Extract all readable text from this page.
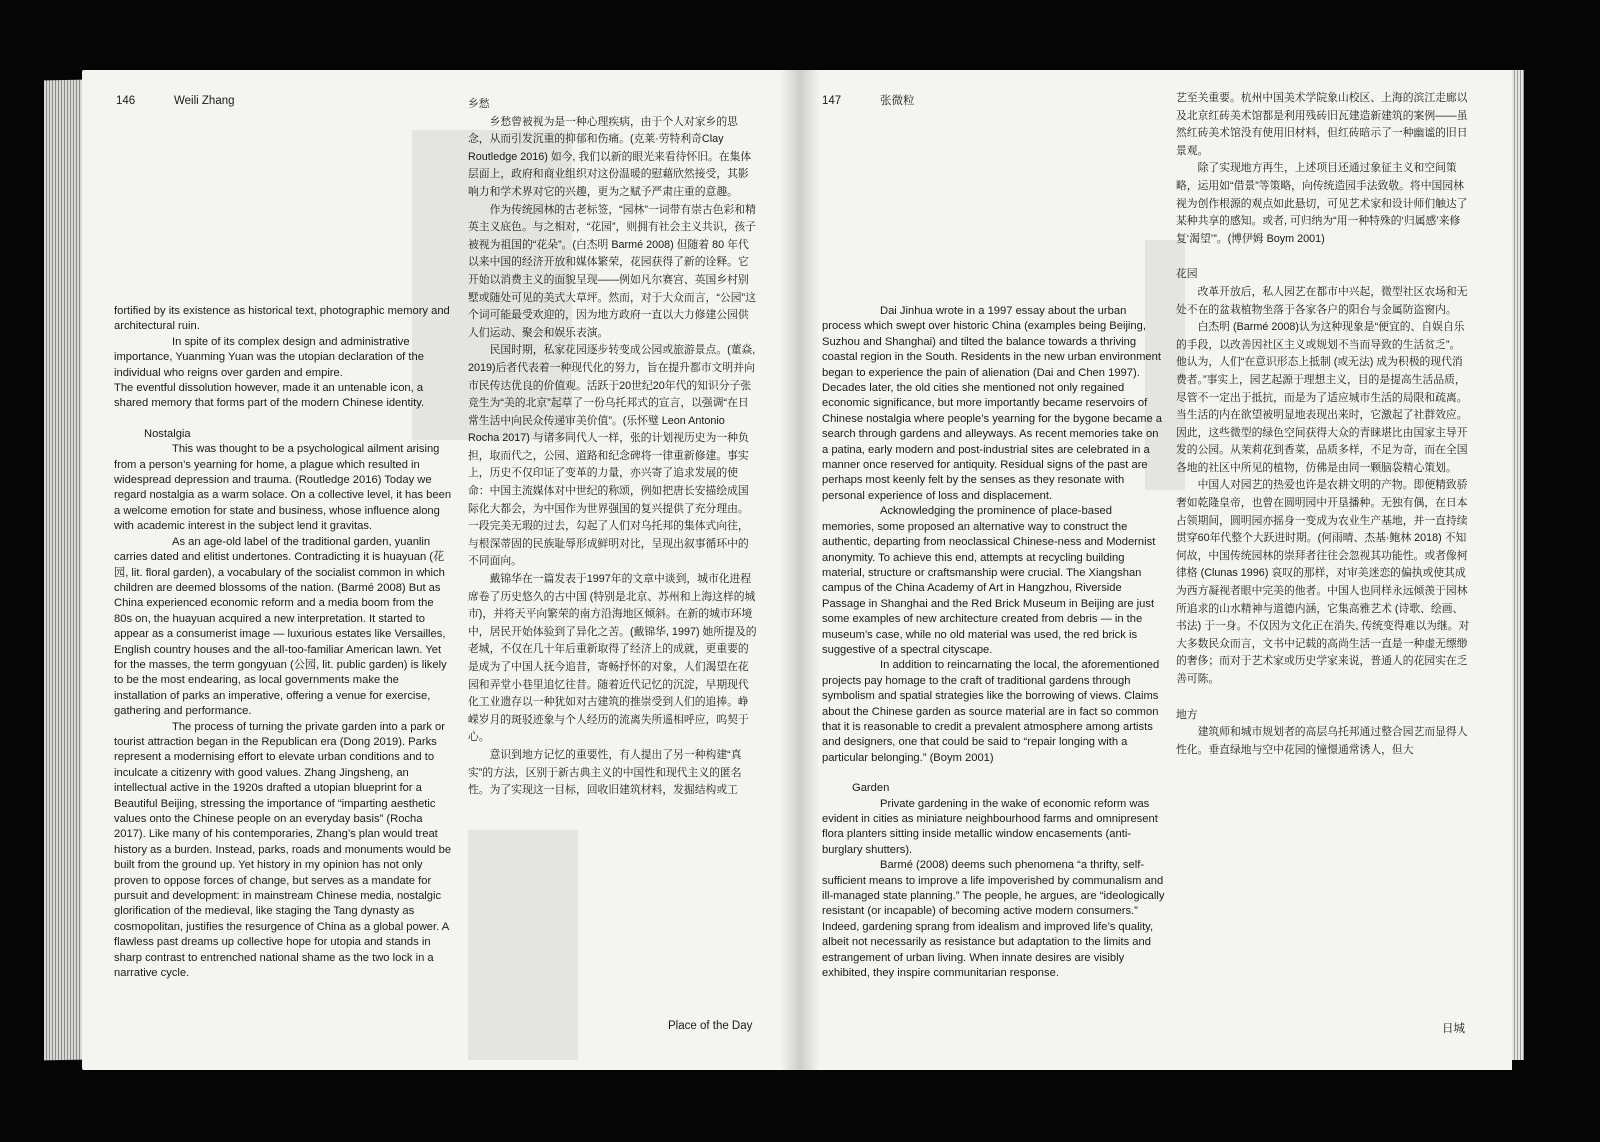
146	Weili Zhang

fortified by its existence as historical text, photographic memory and architectural ruin.

In spite of its complex design and administrative importance, Yuanming Yuan was the utopian declaration of the individual who reigns over garden and empire.

The eventful dissolution however, made it an untenable icon, a shared memory that forms part of the modern Chinese identity.

Nostalgia

This was thought to be a psychological ailment arising from a person’s yearning for home, a plague which resulted in widespread depression and trauma. (Routledge 2016) Today we regard nostalgia as a warm solace. On a collective level, it has been a welcome emotion for state and business, whose influence along with academic interest in the subject lend it gravitas.

As an age-old label of the traditional garden, yuanlin carries dated and elitist undertones. Contradicting it is huayuan (花园, lit. floral garden), a vocabulary of the socialist common in which children are deemed blossoms of the nation. (Barmé 2008) But as China experienced economic reform and a media boom from the 80s on, the huayuan acquired a new interpretation. It started to appear as a consumerist image — luxurious estates like Versailles, English country houses and the all-too-familiar American lawn. Yet for the masses, the term gongyuan (公园, lit. public garden) is likely to be the most endearing, as local governments make the installation of parks an imperative, offering a venue for exercise, gathering and performance.

The process of turning the private garden into a park or tourist attraction began in the Republican era (Dong 2019). Parks represent a modernising effort to elevate urban conditions and to inculcate a citizenry with good values. Zhang Jingsheng, an intellectual active in the 1920s drafted a utopian blueprint for a Beautiful Beijing, stressing the importance of “imparting aesthetic values onto the Chinese people on an everyday basis” (Rocha 2017). Like many of his contemporaries, Zhang’s plan would treat history as a burden. Instead, parks, roads and monuments would be built from the ground up. Yet history in my opinion has not only proven to oppose forces of change, but serves as a mandate for pursuit and development: in mainstream Chinese media, nostalgic glorification of the medieval, like staging the Tang dynasty as cosmopolitan, justifies the resurgence of China as a global power. A flawless past dreams up collective hope for utopia and stands in sharp contrast to entrenched national shame as the two lock in a narrative cycle.

乡愁

乡愁曾被视为是一种心理疾病，由于个人对家乡的思念，从而引发沉重的抑郁和伤痛。(克莱·劳特利奇Clay Routledge 2016) 如今, 我们以新的眼光来看待怀旧。在集体层面上，政府和商业组织对这份温暖的慰藉欣然接受，其影响力和学术界对它的兴趣，更为之赋予严肃庄重的意趣。

作为传统园林的古老标签，“园林”一词带有崇古色彩和精英主义底色。与之相对，“花园”，则拥有社会主义共识，孩子被视为祖国的“花朵”。(白杰明 Barmé 2008) 但随着 80 年代以来中国的经济开放和媒体繁荣，花园获得了新的诠释。它开始以消费主义的面貌呈现——例如凡尔赛宫、英国乡村别墅或随处可见的美式大草坪。然而，对于大众而言，“公园”这个词可能最受欢迎的，因为地方政府一直以大力修建公园供人们运动、聚会和娱乐表演。

民国时期，私家花园逐步转变成公园或旅游景点。(董焱, 2019)后者代表着一种现代化的努力，旨在提升都市文明并向市民传达优良的价值观。活跃于20世纪20年代的知识分子张竞生为“美的北京”起草了一份乌托邦式的宣言，以强调“在日常生活中向民众传递审美价值”。(乐怀璧 Leon Antonio Rocha 2017) 与诸多同代人一样，张的计划视历史为一种负担，取而代之，公园、道路和纪念碑将一律重新修建。事实上，历史不仅印证了变革的力量，亦兴寄了追求发展的使命：中国主流媒体对中世纪的称颂，例如把唐长安描绘成国际化大都会，为中国作为世界强国的复兴提供了充分理由。一段完美无瑕的过去，勾起了人们对乌托邦的集体式向往，与根深蒂固的民族耻辱形成鲜明对比，呈现出叙事循环中的不同面向。

戴锦华在一篇发表于1997年的文章中谈到，城市化进程席卷了历史悠久的古中国 (特别是北京、苏州和上海这样的城市)，并将天平向繁荣的南方沿海地区倾斜。在新的城市环境中，居民开始体验到了异化之苦。(戴锦华, 1997) 她所提及的老城，不仅在几十年后重新取得了经济上的成就，更重要的是成为了中国人抚今追昔，寄畅抒怀的对象，人们渴望在花园和弄堂小巷里追忆往昔。随着近代记忆的沉淀，早期现代化工业遗存以一种犹如对古建筑的推崇受到人们的追捧。峥嵘岁月的斑驳迹象与个人经历的流离失所遥相呼应，呜契于心。

意识到地方记忆的重要性，有人提出了另一种构建“真实”的方法，区别于新古典主义的中国性和现代主义的匿名性。为了实现这一目标，回收旧建筑材料，发掘结构或工

Place of the Day
147	张微粒

Dai Jinhua wrote in a 1997 essay about the urban process which swept over historic China (examples being Beijing, Suzhou and Shanghai) and tilted the balance towards a thriving coastal region in the South. Residents in the new urban environment began to experience the pain of alienation (Dai and Chen 1997). Decades later, the old cities she mentioned not only regained economic significance, but more importantly became reservoirs of Chinese nostalgia where people’s yearning for the bygone became a search through gardens and alleyways. As recent memories take on a patina, early modern and post-industrial sites are celebrated in a manner once reserved for antiquity. Residual signs of the past are perhaps most keenly felt by the senses as they resonate with personal experience of loss and displacement.

Acknowledging the prominence of place-based memories, some proposed an alternative way to construct the authentic, departing from neoclassical Chinese-ness and Modernist anonymity. To achieve this end, attempts at recycling building material, structure or craftsmanship were crucial. The Xiangshan campus of the China Academy of Art in Hangzhou, Riverside Passage in Shanghai and the Red Brick Museum in Beijing are just some examples of new architecture created from debris — in the museum’s case, while no old material was used, the red brick is suggestive of a spectral cityscape.

In addition to reincarnating the local, the aforementioned projects pay homage to the craft of traditional gardens through symbolism and spatial strategies like the borrowing of views. Claims about the Chinese garden as source material are in fact so common that it is reasonable to credit a prevalent atmosphere among artists and designers, one that could be said to “repair longing with a particular belonging.” (Boym 2001)

Garden

Private gardening in the wake of economic reform was evident in cities as miniature neighbourhood farms and omnipresent flora planters sitting inside metallic window encasements (anti-burglary shutters).

Barmé (2008) deems such phenomena “a thrifty, self-sufficient means to improve a life impoverished by communalism and ill-managed state planning.” The people, he argues, are “ideologically resistant (or incapable) of becoming active modern consumers.” Indeed, gardening sprang from idealism and improved life’s quality, albeit not necessarily as resistance but adaptation to the limits and estrangement of urban living. When innate desires are visibly exhibited, they inspire communitarian response.

艺至关重要。杭州中国美术学院象山校区、上海的滨江走廊以及北京红砖美术馆都是利用残砖旧瓦建造新建筑的案例——虽然红砖美术馆没有使用旧材料，但红砖暗示了一种幽谧的旧日景观。

除了实现地方再生，上述项目还通过象征主义和空间策略，运用如“借景”等策略，向传统造园手法致敬。将中国园林视为创作根源的观点如此悬切，可见艺术家和设计师们触达了某种共享的感知。或者, 可归纳为“用一种特殊的‘归属感’来修复‘渴望’”。(博伊姆 Boym 2001)

花园

改革开放后，私人园艺在都市中兴起，微型社区农场和无处不在的盆栽植物坐落于各家各户的阳台与金属防盗窗内。

白杰明 (Barmé 2008)认为这种现象是“便宜的、自娱自乐的手段，以改善因社区主义或规划不当而导致的生活贫乏”。他认为，人们“在意识形态上抵制 (或无法) 成为积极的现代消费者。”事实上，园艺起源于理想主义，目的是提高生活品质，尽管不一定出于抵抗，而是为了适应城市生活的局限和疏离。当生活的内在欲望被明显地表现出来时，它激起了社群效应。因此，这些微型的绿色空间获得大众的青睐堪比由国家主导开发的公园。从茉莉花到香菜，品质多样，不足为奇，而在全国各地的社区中所见的植物，仿佛是由同一颗脑袋精心策划。

中国人对园艺的热爱也许是农耕文明的产物。即便精致骄奢如乾隆皇帝，也曾在圆明园中开垦播种。无独有偶，在日本占领期间，圆明园亦摇身一变成为农业生产基地，并一直持续贯穿60年代整个大跃进时期。(何雨晴、杰基·鲍林 2018) 不知何故，中国传统园林的崇拜者往往会忽视其功能性。或者像柯律格 (Clunas 1996) 哀叹的那样，对审美迷恋的偏执或使其成为西方凝视者眼中完美的他者。中国人也同样永远倾羡于园林所追求的山水精神与道德内涵，它集高雅艺术 (诗歌、绘画、书法) 于一身。不仅因为文化正在消失, 传统变得难以为继。对大多数民众而言，文书中记载的高尚生活一直是一种虚无缥缈的奢侈；而对于艺术家或历史学家来说，普通人的花园实在乏善可陈。

地方

建筑师和城市规划者的高层乌托邦通过整合园艺而显得人性化。垂直绿地与空中花园的憧憬通常诱人，但大

日城
